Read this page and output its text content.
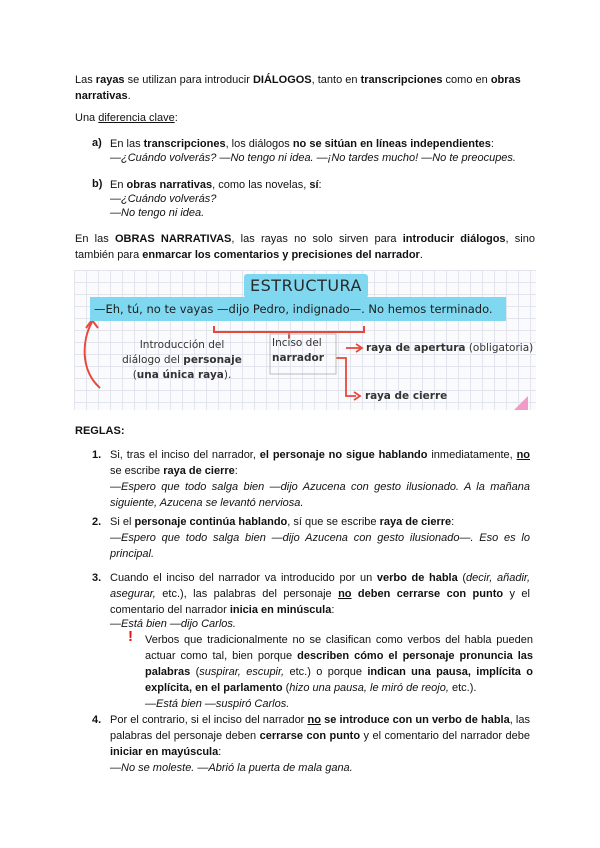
Las rayas se utilizan para introducir DIÁLOGOS, tanto en transcripciones como en obras narrativas.

Una diferencia clave:

a) En las transcripciones, los diálogos no se sitúan en líneas independientes:
—¿Cuándo volverás? —No tengo ni idea. —¡No tardes mucho! —No te preocupes.
b) En obras narrativas, como las novelas, sí:
—¿Cuándo volverás?
—No tengo ni idea.

En las OBRAS NARRATIVAS, las rayas no solo sirven para introducir diálogos, sino también para enmarcar los comentarios y precisiones del narrador.

ESTRUCTURA
—Eh, tú, no te vayas —dijo Pedro, indignado—. No hemos terminado.
Introducción del
diálogo del personaje
(una única raya).
Inciso del
narrador
raya de apertura (obligatoria)
raya de cierre
REGLAS:
1. Si, tras el inciso del narrador, el personaje no sigue hablando inmediatamente, no se escribe raya de cierre:
—Espero que todo salga bien —dijo Azucena con gesto ilusionado. A la mañana siguiente, Azucena se levantó nerviosa.
2. Si el personaje continúa hablando, sí que se escribe raya de cierre:
—Espero que todo salga bien —dijo Azucena con gesto ilusionado—. Eso es lo principal.
3. Cuando el inciso del narrador va introducido por un verbo de habla (decir, añadir, asegurar, etc.), las palabras del personaje no deben cerrarse con punto y el comentario del narrador inicia en minúscula:
—Está bien —dijo Carlos.
! Verbos que tradicionalmente no se clasifican como verbos del habla pueden actuar como tal, bien porque describen cómo el personaje pronuncia las palabras (suspirar, escupir, etc.) o porque indican una pausa, implícita o explícita, en el parlamento (hizo una pausa, le miró de reojo, etc.).
—Está bien —suspiró Carlos.
4. Por el contrario, si el inciso del narrador no se introduce con un verbo de habla, las palabras del personaje deben cerrarse con punto y el comentario del narrador debe iniciar en mayúscula:
—No se moleste. —Abrió la puerta de mala gana.
